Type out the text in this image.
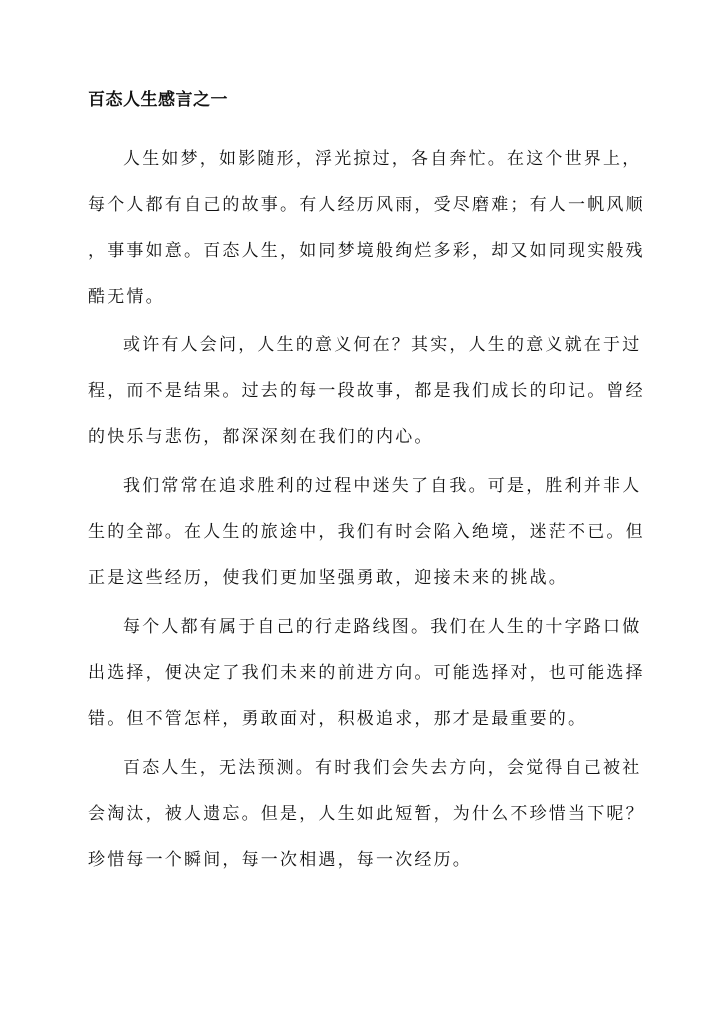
百态人生感言之一
人生如梦，如影随形，浮光掠过，各自奔忙。在这个世界上，
每个人都有自己的故事。有人经历风雨，受尽磨难；有人一帆风顺
，事事如意。百态人生，如同梦境般绚烂多彩，却又如同现实般残
酷无情。
或许有人会问，人生的意义何在？其实，人生的意义就在于过
程，而不是结果。过去的每一段故事，都是我们成长的印记。曾经
的快乐与悲伤，都深深刻在我们的内心。
我们常常在追求胜利的过程中迷失了自我。可是，胜利并非人
生的全部。在人生的旅途中，我们有时会陷入绝境，迷茫不已。但
正是这些经历，使我们更加坚强勇敢，迎接未来的挑战。
每个人都有属于自己的行走路线图。我们在人生的十字路口做
出选择，便决定了我们未来的前进方向。可能选择对，也可能选择
错。但不管怎样，勇敢面对，积极追求，那才是最重要的。
百态人生，无法预测。有时我们会失去方向，会觉得自己被社
会淘汰，被人遗忘。但是，人生如此短暂，为什么不珍惜当下呢？
珍惜每一个瞬间，每一次相遇，每一次经历。
